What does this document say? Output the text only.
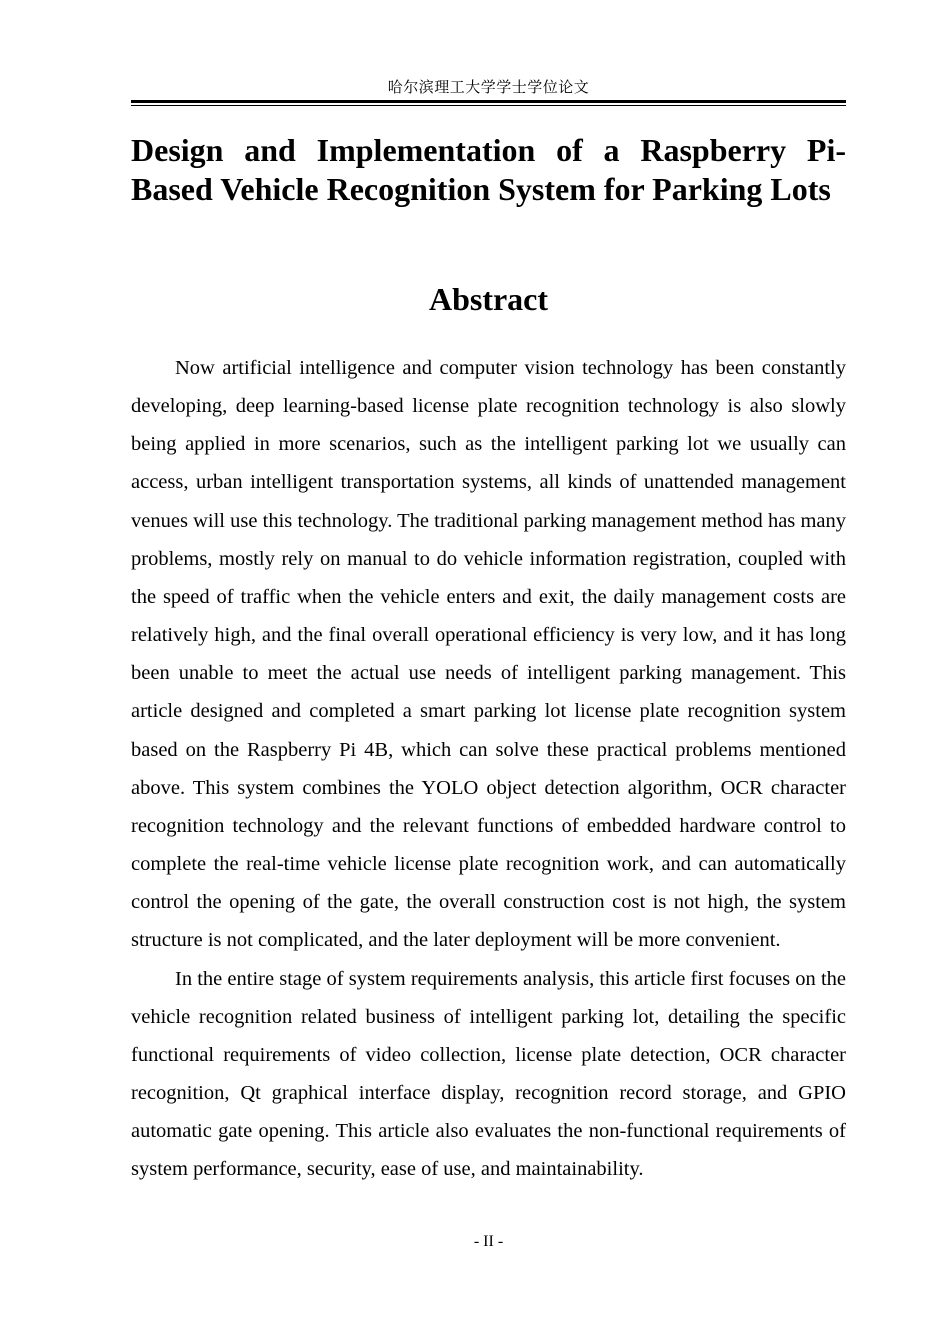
哈尔滨理工大学学士学位论文
Design and Implementation of a Raspberry Pi-Based Vehicle Recognition System for Parking Lots
Abstract

Now artificial intelligence and computer vision technology has been constantly developing, deep learning-based license plate recognition technology is also slowly being applied in more scenarios, such as the intelligent parking lot we usually can access, urban intelligent transportation systems, all kinds of unattended management venues will use this technology. The traditional parking management method has many problems, mostly rely on manual to do vehicle information registration, coupled with the speed of traffic when the vehicle enters and exit, the daily management costs are relatively high, and the final overall operational efficiency is very low, and it has long been unable to meet the actual use needs of intelligent parking management. This article designed and completed a smart parking lot license plate recognition system based on the Raspberry Pi 4B, which can solve these practical problems mentioned above. This system combines the YOLO object detection algorithm, OCR character recognition technology and the relevant functions of embedded hardware control to complete the real-time vehicle license plate recognition work, and can automatically control the opening of the gate, the overall construction cost is not high, the system structure is not complicated, and the later deployment will be more convenient.

In the entire stage of system requirements analysis, this article first focuses on the vehicle recognition related business of intelligent parking lot, detailing the specific functional requirements of video collection, license plate detection, OCR character recognition, Qt graphical interface display, recognition record storage, and GPIO automatic gate opening. This article also evaluates the non-functional requirements of system performance, security, ease of use, and maintainability.

- II -
